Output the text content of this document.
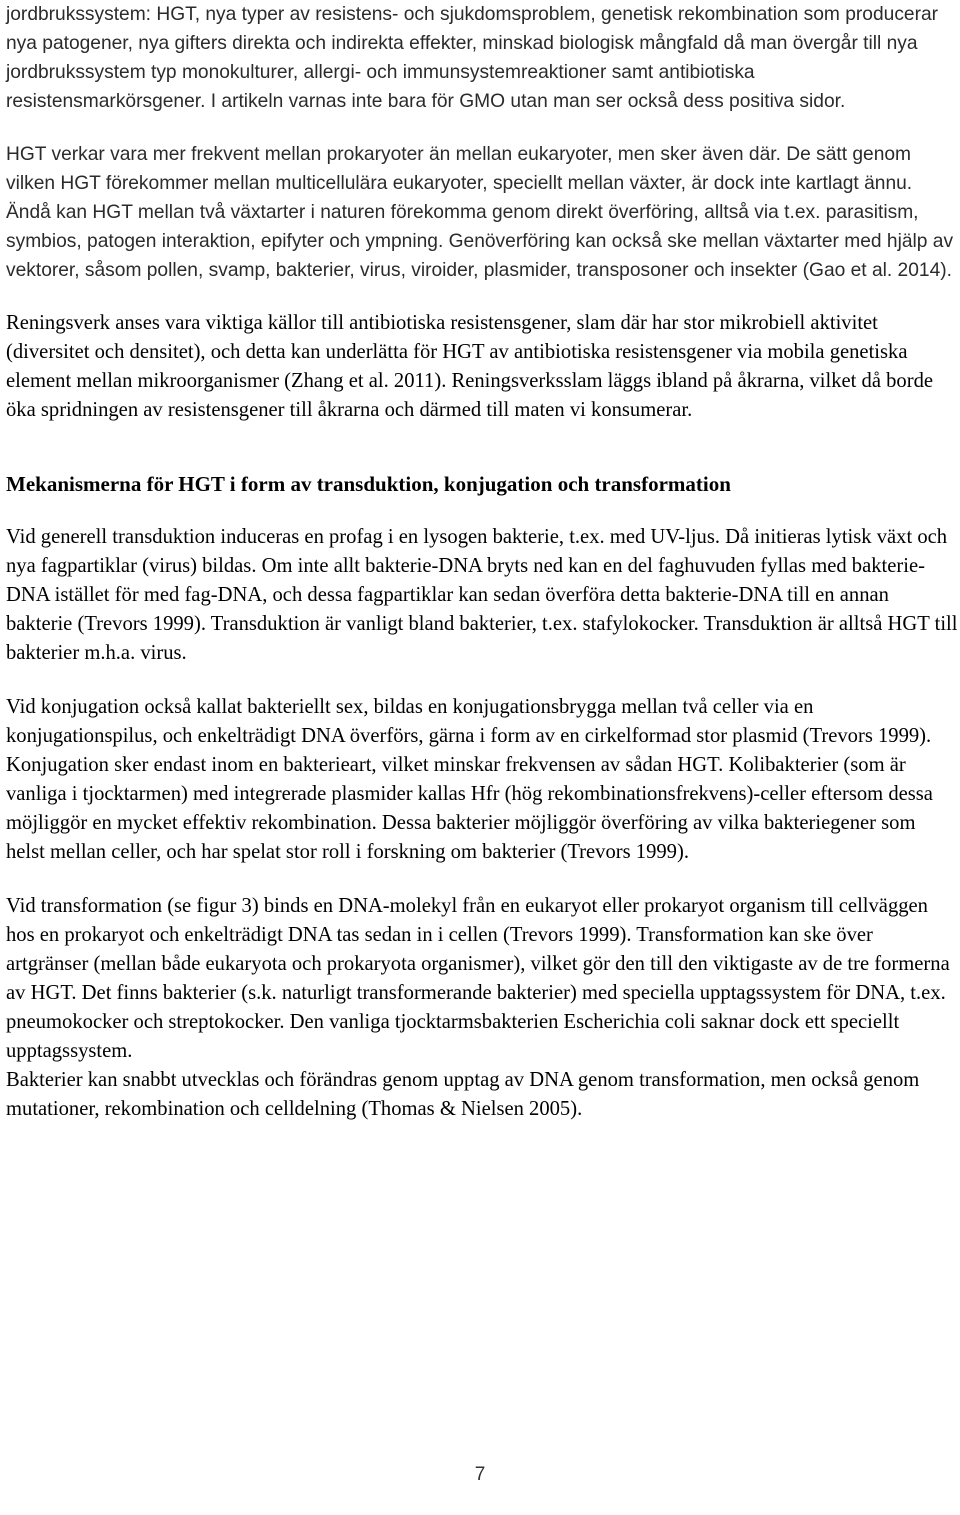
jordbrukssystem: HGT, nya typer av resistens- och sjukdomsproblem, genetisk rekombination som producerar nya patogener, nya gifters direkta och indirekta effekter, minskad biologisk mångfald då man övergår till nya jordbrukssystem typ monokulturer, allergi- och immunsystemreaktioner samt antibiotiska resistensmarkörsgener. I artikeln varnas inte bara för GMO utan man ser också dess positiva sidor.

HGT verkar vara mer frekvent mellan prokaryoter än mellan eukaryoter, men sker även där. De sätt genom vilken HGT förekommer mellan multicellulära eukaryoter, speciellt mellan växter, är dock inte kartlagt ännu. Ändå kan HGT mellan två växtarter i naturen förekomma genom direkt överföring, alltså via t.ex. parasitism, symbios, patogen interaktion, epifyter och ympning. Genöverföring kan också ske mellan växtarter med hjälp av vektorer, såsom pollen, svamp, bakterier, virus, viroider, plasmider, transposoner och insekter (Gao et al. 2014).

Reningsverk anses vara viktiga källor till antibiotiska resistensgener, slam där har stor mikrobiell aktivitet (diversitet och densitet), och detta kan underlätta för HGT av antibiotiska resistensgener via mobila genetiska element mellan mikroorganismer (Zhang et al. 2011). Reningsverksslam läggs ibland på åkrarna, vilket då borde öka spridningen av resistensgener till åkrarna och därmed till maten vi konsumerar.

Mekanismerna för HGT i form av transduktion, konjugation och transformation

Vid generell transduktion induceras en profag i en lysogen bakterie, t.ex. med UV-ljus. Då initieras lytisk växt och nya fagpartiklar (virus) bildas. Om inte allt bakterie-DNA bryts ned kan en del faghuvuden fyllas med bakterie-DNA istället för med fag-DNA, och dessa fagpartiklar kan sedan överföra detta bakterie-DNA till en annan bakterie (Trevors 1999). Transduktion är vanligt bland bakterier, t.ex. stafylokocker. Transduktion är alltså HGT till bakterier m.h.a. virus.

Vid konjugation också kallat bakteriellt sex, bildas en konjugationsbrygga mellan två celler via en konjugationspilus, och enkelträdigt DNA överförs, gärna i form av en cirkelformad stor plasmid (Trevors 1999). Konjugation sker endast inom en bakterieart, vilket minskar frekvensen av sådan HGT. Kolibakterier (som är vanliga i tjocktarmen) med integrerade plasmider kallas Hfr (hög rekombinationsfrekvens)-celler eftersom dessa möjliggör en mycket effektiv rekombination. Dessa bakterier möjliggör överföring av vilka bakteriegener som helst mellan celler, och har spelat stor roll i forskning om bakterier (Trevors 1999).

Vid transformation (se figur 3) binds en DNA-molekyl från en eukaryot eller prokaryot organism till cellväggen hos en prokaryot och enkelträdigt DNA tas sedan in i cellen (Trevors 1999). Transformation kan ske över artgränser (mellan både eukaryota och prokaryota organismer), vilket gör den till den viktigaste av de tre formerna av HGT. Det finns bakterier (s.k. naturligt transformerande bakterier) med speciella upptagssystem för DNA, t.ex. pneumokocker och streptokocker. Den vanliga tjocktarmsbakterien Escherichia coli saknar dock ett speciellt upptagssystem.
Bakterier kan snabbt utvecklas och förändras genom upptag av DNA genom transformation, men också genom mutationer, rekombination och celldelning (Thomas & Nielsen 2005).

7
